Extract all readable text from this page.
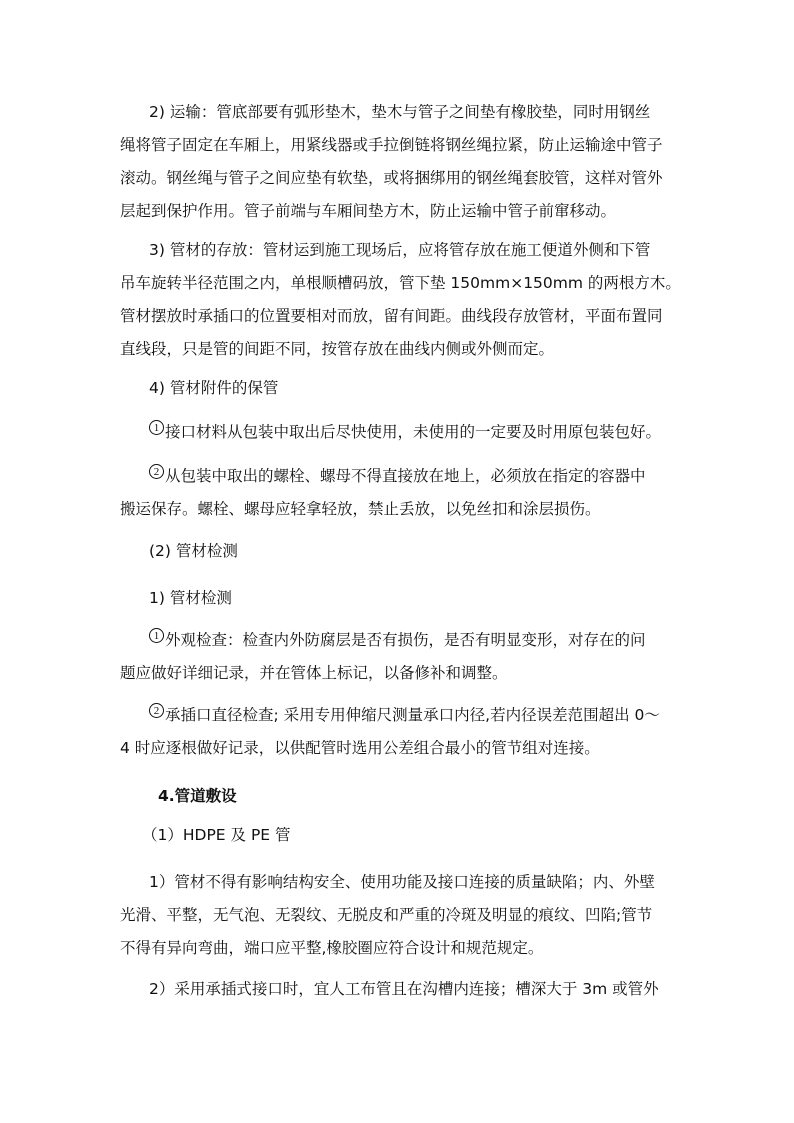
2) 运输：管底部要有弧形垫木，垫木与管子之间垫有橡胶垫，同时用钢丝
绳将管子固定在车厢上，用紧线器或手拉倒链将钢丝绳拉紧，防止运输途中管子
滚动。钢丝绳与管子之间应垫有软垫，或将捆绑用的钢丝绳套胶管，这样对管外
层起到保护作用。管子前端与车厢间垫方木，防止运输中管子前窜移动。

3) 管材的存放：管材运到施工现场后，应将管存放在施工便道外侧和下管
吊车旋转半径范围之内，单根顺槽码放，管下垫 150mm×150mm 的两根方木。
管材摆放时承插口的位置要相对而放，留有间距。曲线段存放管材，平面布置同
直线段，只是管的间距不同，按管存放在曲线内侧或外侧而定。

4) 管材附件的保管

1 接口材料从包装中取出后尽快使用，未使用的一定要及时用原包装包好。

2 从包装中取出的螺栓、螺母不得直接放在地上，必须放在指定的容器中
搬运保存。螺栓、螺母应轻拿轻放，禁止丢放，以免丝扣和涂层损伤。

(2) 管材检测

1) 管材检测

1 外观检查：检查内外防腐层是否有损伤，是否有明显变形，对存在的问
题应做好详细记录，并在管体上标记，以备修补和调整。

2 承插口直径检查; 采用专用伸缩尺测量承口内径,若内径误差范围超出 0～
4 时应逐根做好记录，以供配管时选用公差组合最小的管节组对连接。

4.管道敷设

（1）HDPE 及 PE 管

1）管材不得有影响结构安全、使用功能及接口连接的质量缺陷；内、外壁
光滑、平整，无气泡、无裂纹、无脱皮和严重的冷斑及明显的痕纹、凹陷;管节
不得有异向弯曲，端口应平整,橡胶圈应符合设计和规范规定。

2）采用承插式接口时，宜人工布管且在沟槽内连接；槽深大于 3m 或管外
